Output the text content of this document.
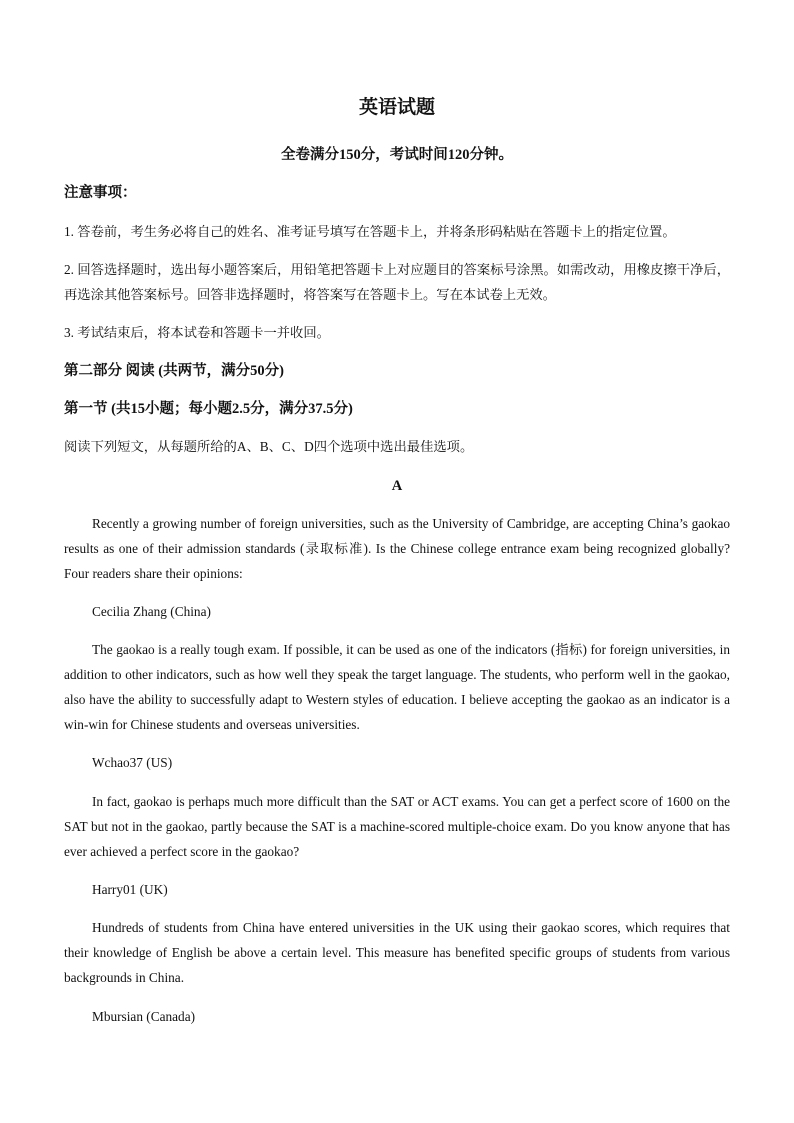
英语试题
全卷满分150分，考试时间120分钟。
注意事项：
1. 答卷前，考生务必将自己的姓名、准考证号填写在答题卡上，并将条形码粘贴在答题卡上的指定位置。
2. 回答选择题时，选出每小题答案后，用铅笔把答题卡上对应题目的答案标号涂黑。如需改动，用橡皮擦干净后，再选涂其他答案标号。回答非选择题时，将答案写在答题卡上。写在本试卷上无效。
3. 考试结束后，将本试卷和答题卡一并收回。
第二部分 阅读 (共两节，满分50分)
第一节 (共15小题；每小题2.5分，满分37.5分)
阅读下列短文，从每题所给的A、B、C、D四个选项中选出最佳选项。
A
Recently a growing number of foreign universities, such as the University of Cambridge, are accepting China’s gaokao results as one of their admission standards (录取标准). Is the Chinese college entrance exam being recognized globally? Four readers share their opinions:
Cecilia Zhang (China)
The gaokao is a really tough exam. If possible, it can be used as one of the indicators (指标) for foreign universities, in addition to other indicators, such as how well they speak the target language. The students, who perform well in the gaokao, also have the ability to successfully adapt to Western styles of education. I believe accepting the gaokao as an indicator is a win-win for Chinese students and overseas universities.
Wchao37 (US)
In fact, gaokao is perhaps much more difficult than the SAT or ACT exams. You can get a perfect score of 1600 on the SAT but not in the gaokao, partly because the SAT is a machine-scored multiple-choice exam. Do you know anyone that has ever achieved a perfect score in the gaokao?
Harry01 (UK)
Hundreds of students from China have entered universities in the UK using their gaokao scores, which requires that their knowledge of English be above a certain level. This measure has benefited specific groups of students from various backgrounds in China.
Mbursian (Canada)
